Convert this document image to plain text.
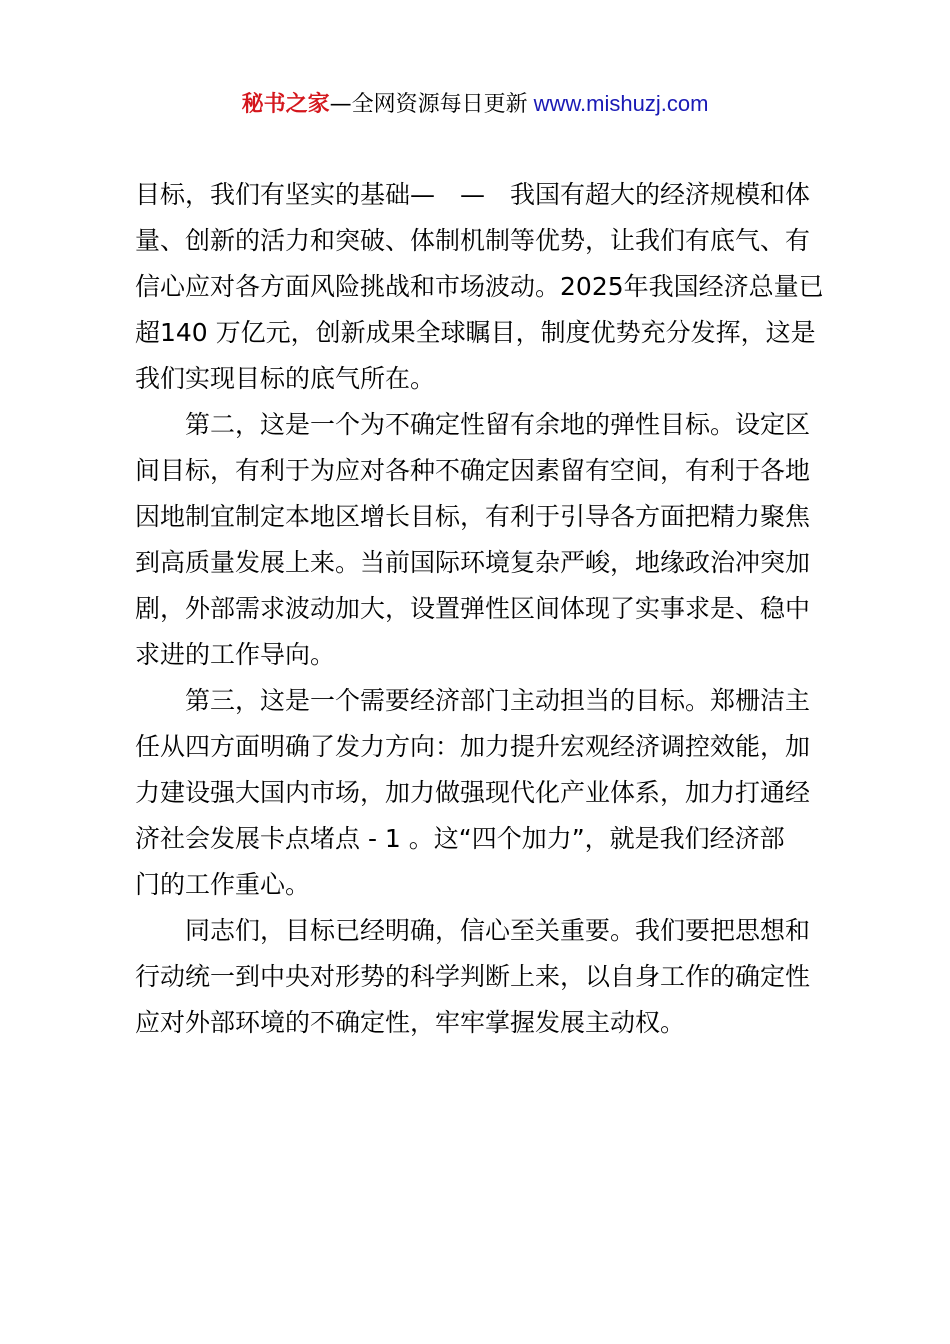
秘书之家—全网资源每日更新 www.mishuzj.com

目标，我们有坚实的基础—　—　我国有超大的经济规模和体
量、创新的活力和突破、体制机制等优势，让我们有底气、有
信心应对各方面风险挑战和市场波动。2025年我国经济总量已
超140 万亿元，创新成果全球瞩目，制度优势充分发挥，这是
我们实现目标的底气所在。

第二，这是一个为不确定性留有余地的弹性目标。设定区
间目标，有利于为应对各种不确定因素留有空间，有利于各地
因地制宜制定本地区增长目标，有利于引导各方面把精力聚焦
到高质量发展上来。当前国际环境复杂严峻，地缘政治冲突加
剧，外部需求波动加大，设置弹性区间体现了实事求是、稳中
求进的工作导向。

第三，这是一个需要经济部门主动担当的目标。郑栅洁主
任从四方面明确了发力方向：加力提升宏观经济调控效能，加
力建设强大国内市场，加力做强现代化产业体系，加力打通经
济社会发展卡点堵点 - 1 。这“四个加力”，就是我们经济部
门的工作重心。

同志们，目标已经明确，信心至关重要。我们要把思想和
行动统一到中央对形势的科学判断上来，以自身工作的确定性
应对外部环境的不确定性，牢牢掌握发展主动权。
